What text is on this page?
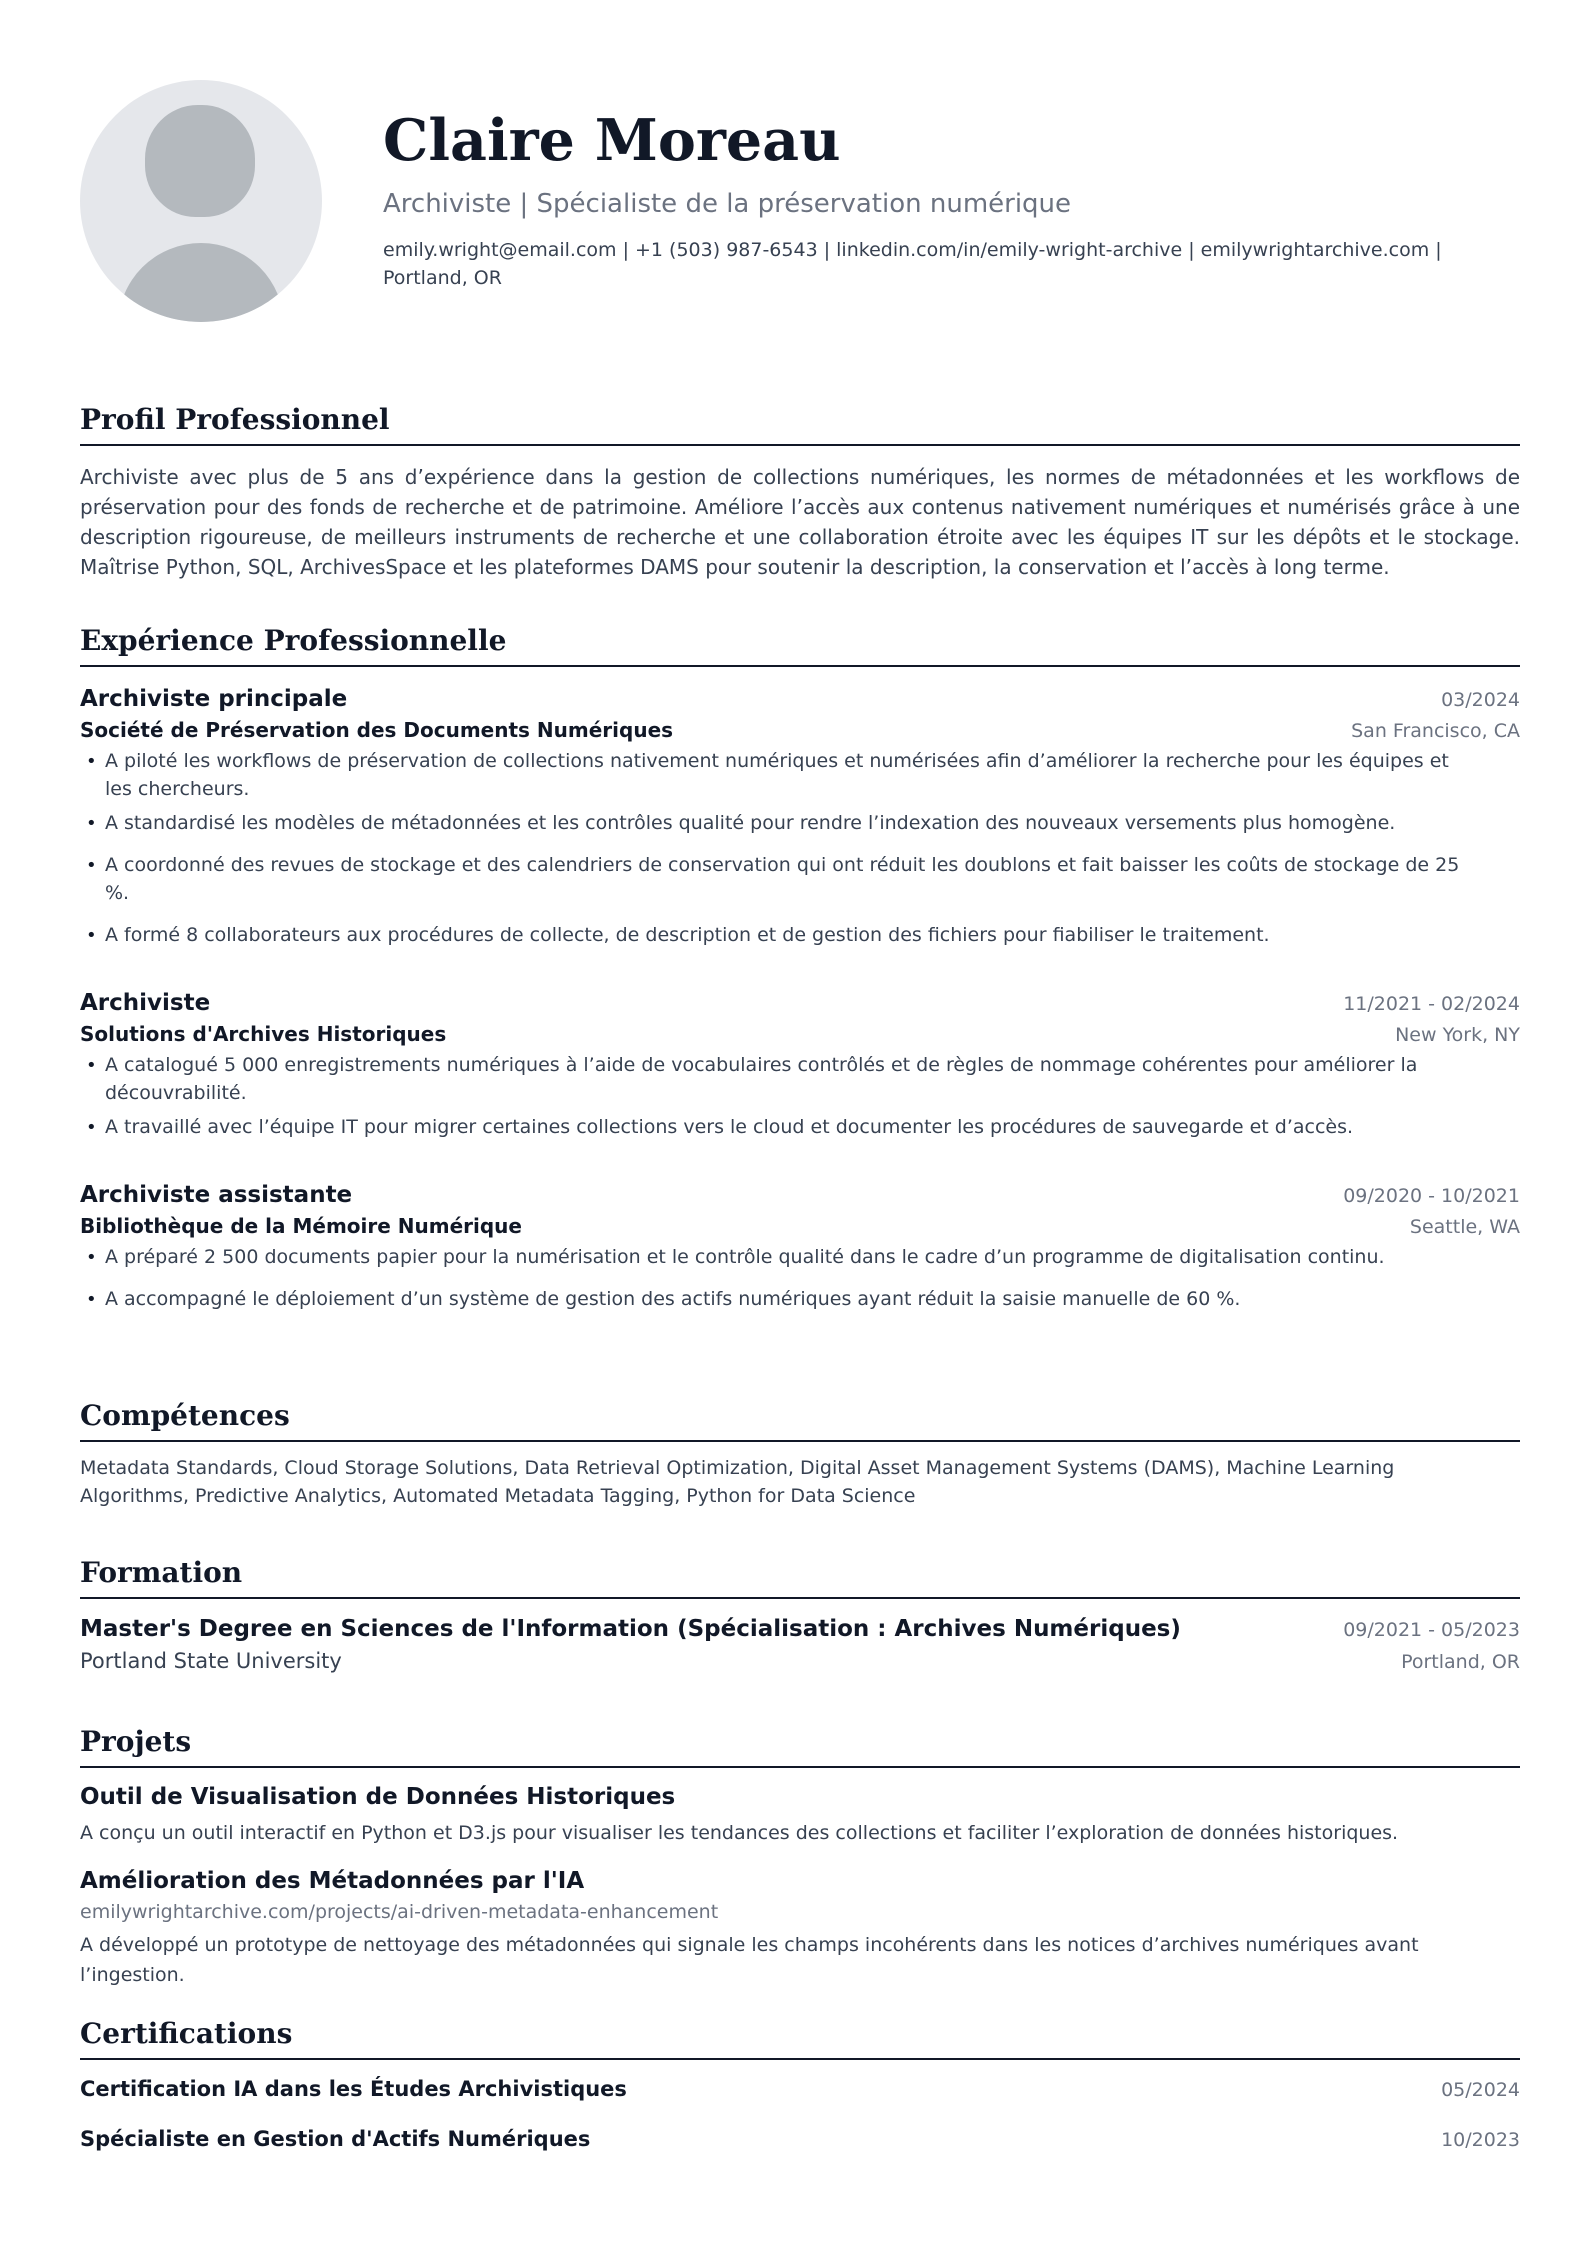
Claire Moreau
Archiviste | Spécialiste de la préservation numérique
emily.wright@email.com | +1 (503) 987-6543 | linkedin.com/in/emily-wright-archive | emilywrightarchive.com | Portland, OR
Profil Professionnel
Archiviste avec plus de 5 ans d’expérience dans la gestion de collections numériques, les normes de métadonnées et les workflows de préservation pour des fonds de recherche et de patrimoine. Améliore l’accès aux contenus nativement numériques et numérisés grâce à une description rigoureuse, de meilleurs instruments de recherche et une collaboration étroite avec les équipes IT sur les dépôts et le stockage. Maîtrise Python, SQL, ArchivesSpace et les plateformes DAMS pour soutenir la description, la conservation et l’accès à long terme.
Expérience Professionnelle
Archiviste principale	03/2024
Société de Préservation des Documents Numériques	San Francisco, CA
• A piloté les workflows de préservation de collections nativement numériques et numérisées afin d’améliorer la recherche pour les équipes et les chercheurs.
• A standardisé les modèles de métadonnées et les contrôles qualité pour rendre l’indexation des nouveaux versements plus homogène.
• A coordonné des revues de stockage et des calendriers de conservation qui ont réduit les doublons et fait baisser les coûts de stockage de 25 %.
• A formé 8 collaborateurs aux procédures de collecte, de description et de gestion des fichiers pour fiabiliser le traitement.
Archiviste	11/2021 - 02/2024
Solutions d'Archives Historiques	New York, NY
• A catalogué 5 000 enregistrements numériques à l’aide de vocabulaires contrôlés et de règles de nommage cohérentes pour améliorer la découvrabilité.
• A travaillé avec l’équipe IT pour migrer certaines collections vers le cloud et documenter les procédures de sauvegarde et d’accès.
Archiviste assistante	09/2020 - 10/2021
Bibliothèque de la Mémoire Numérique	Seattle, WA
• A préparé 2 500 documents papier pour la numérisation et le contrôle qualité dans le cadre d’un programme de digitalisation continu.
• A accompagné le déploiement d’un système de gestion des actifs numériques ayant réduit la saisie manuelle de 60 %.
Compétences
Metadata Standards, Cloud Storage Solutions, Data Retrieval Optimization, Digital Asset Management Systems (DAMS), Machine Learning Algorithms, Predictive Analytics, Automated Metadata Tagging, Python for Data Science
Formation
Master's Degree en Sciences de l'Information (Spécialisation : Archives Numériques)	09/2021 - 05/2023
Portland State University	Portland, OR
Projets
Outil de Visualisation de Données Historiques
A conçu un outil interactif en Python et D3.js pour visualiser les tendances des collections et faciliter l’exploration de données historiques.
Amélioration des Métadonnées par l'IA
emilywrightarchive.com/projects/ai-driven-metadata-enhancement
A développé un prototype de nettoyage des métadonnées qui signale les champs incohérents dans les notices d’archives numériques avant l’ingestion.
Certifications
Certification IA dans les Études Archivistiques	05/2024
Spécialiste en Gestion d'Actifs Numériques	10/2023
